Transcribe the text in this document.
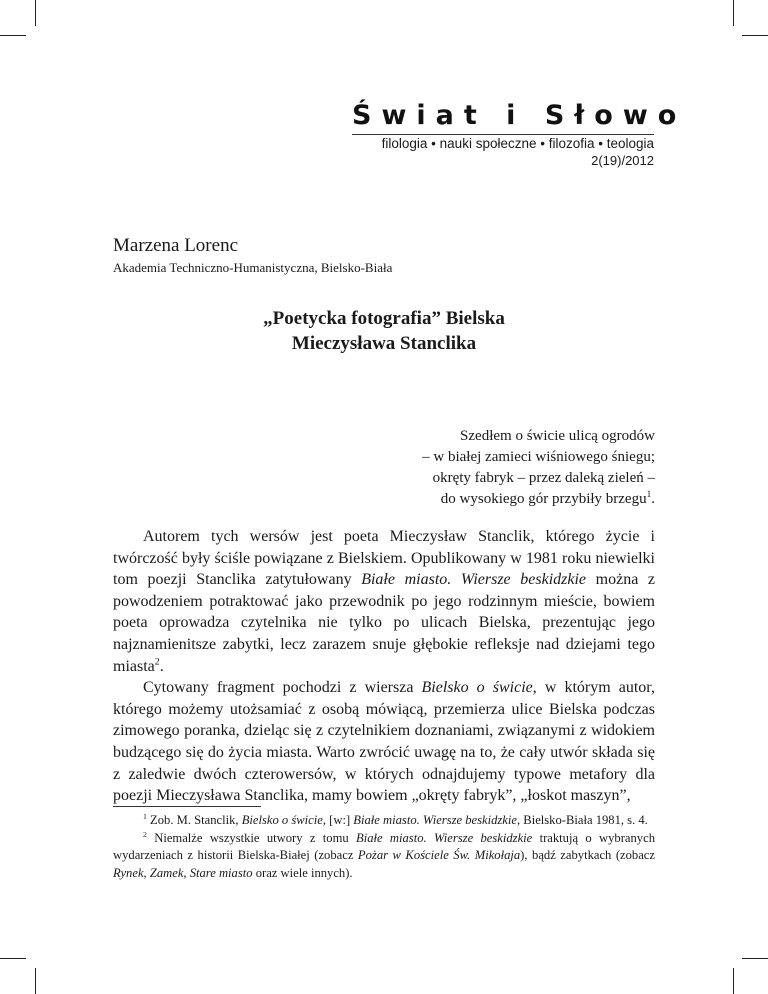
Świat i Słowo
filologia • nauki społeczne • filozofia • teologia
2(19)/2012
Marzena Lorenc
Akademia Techniczno-Humanistyczna, Bielsko-Biała
„Poetycka fotografia” Bielska
Mieczysława Stanclika
Szedłem o świcie ulicą ogrodów
– w białej zamieci wiśniowego śniegu;
okręty fabryk – przez daleką zieleń –
do wysokiego gór przybiły brzegu$^1$.

Autorem tych wersów jest poeta Mieczysław Stanclik, którego życie i twórczość były ściśle powiązane z Bielskiem. Opublikowany w 1981 roku niewielki tom poezji Stanclika zatytułowany Białe miasto. Wiersze beskidzkie można z powodzeniem potraktować jako przewodnik po jego rodzinnym mieście, bowiem poeta oprowadza czytelnika nie tylko po ulicach Bielska, prezentując jego najznamienitsze zabytki, lecz zarazem snuje głębokie refleksje nad dziejami tego miasta$^2$.

Cytowany fragment pochodzi z wiersza Bielsko o świcie, w którym autor, którego możemy utożsamiać z osobą mówiącą, przemierza ulice Bielska podczas zimowego poranka, dzieląc się z czytelnikiem doznaniami, związanymi z widokiem budzącego się do życia miasta. Warto zwrócić uwagę na to, że cały utwór składa się z zaledwie dwóch czterowersów, w których odnajdujemy typowe metafory dla poezji Mieczysława Stanclika, mamy bowiem „okręty fabryk”, „łoskot maszyn”,

$^1$ Zob. M. Stanclik, Bielsko o świcie, [w:] Białe miasto. Wiersze beskidzkie, Bielsko-Biała 1981, s. 4.

$^2$ Niemalże wszystkie utwory z tomu Białe miasto. Wiersze beskidzkie traktują o wybranych wydarzeniach z historii Bielska-Białej (zobacz Pożar w Kościele Św. Mikołaja), bądź zabytkach (zobacz Rynek, Zamek, Stare miasto oraz wiele innych).
